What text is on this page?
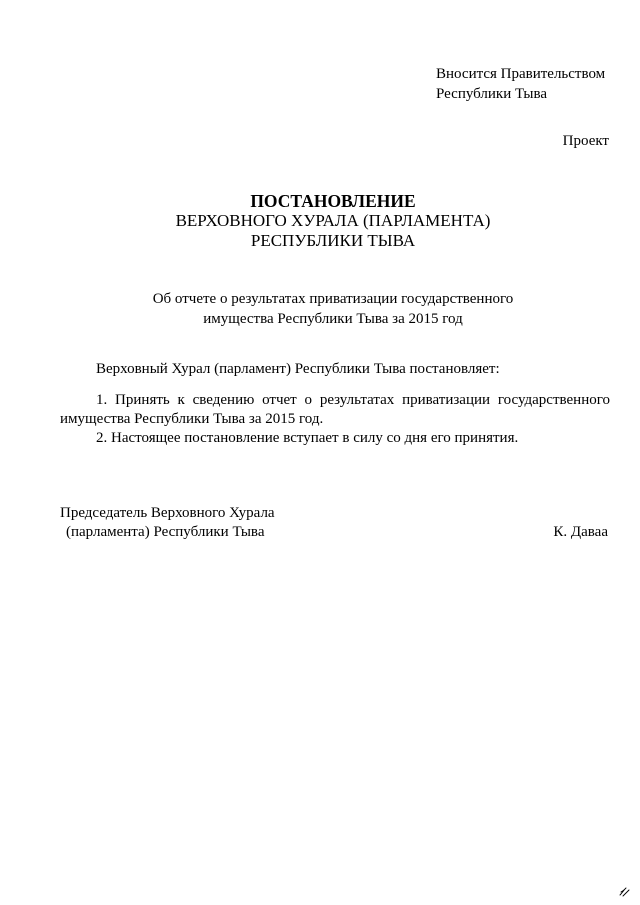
Вносится Правительством
Республики Тыва
Проект
ПОСТАНОВЛЕНИЕ
ВЕРХОВНОГО ХУРАЛА (ПАРЛАМЕНТА)
РЕСПУБЛИКИ ТЫВА
Об отчете о результатах приватизации государственного
имущества Республики Тыва за 2015 год
Верховный Хурал (парламент) Республики Тыва постановляет:
1. Принять к сведению отчет о результатах приватизации государственного имущества Республики Тыва за 2015 год.
2. Настоящее постановление вступает в силу со дня его принятия.
Председатель Верховного Хурала
(парламента) Республики Тыва	К. Даваа
